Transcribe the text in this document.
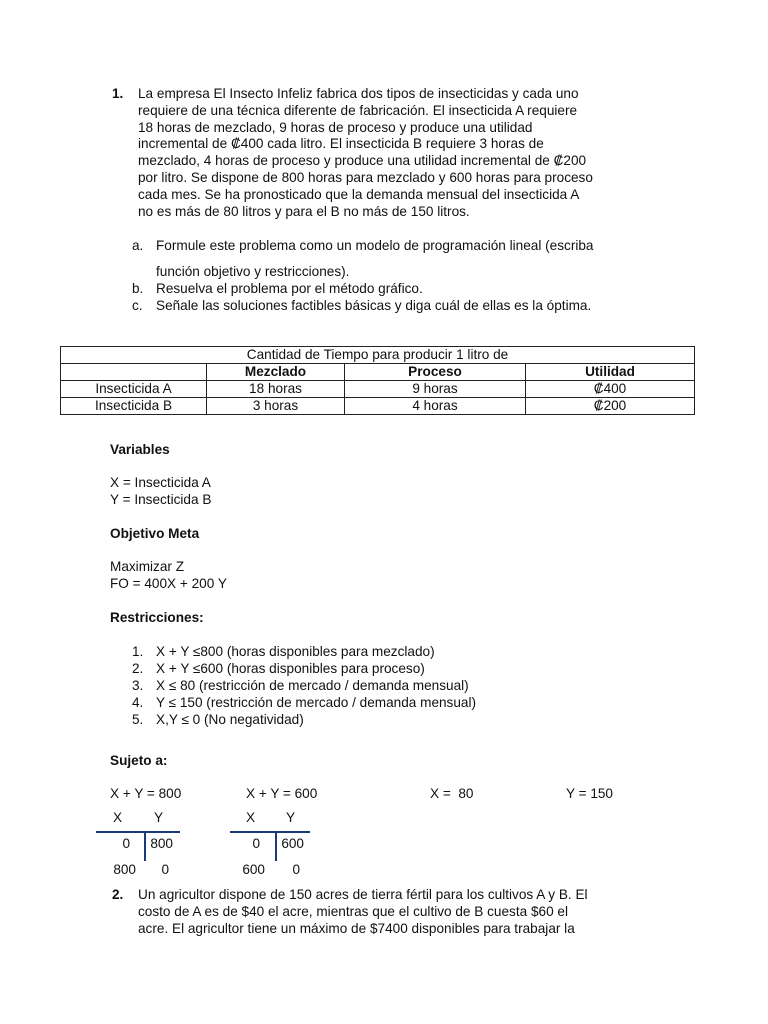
1. La empresa El Insecto Infeliz fabrica dos tipos de insecticidas y cada uno
requiere de una técnica diferente de fabricación. El insecticida A requiere
18 horas de mezclado, 9 horas de proceso y produce una utilidad
incremental de ₡400 cada litro. El insecticida B requiere 3 horas de
mezclado, 4 horas de proceso y produce una utilidad incremental de ₡200
por litro. Se dispone de 800 horas para mezclado y 600 horas para proceso
cada mes. Se ha pronosticado que la demanda mensual del insecticida A
no es más de 80 litros y para el B no más de 150 litros.
a. Formule este problema como un modelo de programación lineal (escriba
función objetivo y restricciones).
b. Resuelva el problema por el método gráfico.
c. Señale las soluciones factibles básicas y diga cuál de ellas es la óptima.
Cantidad de Tiempo para producir 1 litro de			
	Mezclado	Proceso	Utilidad
Insecticida A	18 horas	9 horas	₡400
Insecticida B	3 horas	4 horas	₡200
Variables
X = Insecticida A
Y = Insecticida B
Objetivo Meta
Maximizar Z
FO = 400X + 200 Y
Restricciones:
1. X + Y ≤800 (horas disponibles para mezclado)
2. X + Y ≤600 (horas disponibles para proceso)
3. X ≤ 80 (restricción de mercado / demanda mensual)
4. Y ≤ 150 (restricción de mercado / demanda mensual)
5. X,Y ≤ 0 (No negatividad)
Sujeto a:
X + Y = 800	X + Y = 600	X =  80	Y = 150
X Y
0	800
800	0
X Y
0	600
600	0
2. Un agricultor dispone de 150 acres de tierra fértil para los cultivos A y B. El
costo de A es de $40 el acre, mientras que el cultivo de B cuesta $60 el
acre. El agricultor tiene un máximo de $7400 disponibles para trabajar la
